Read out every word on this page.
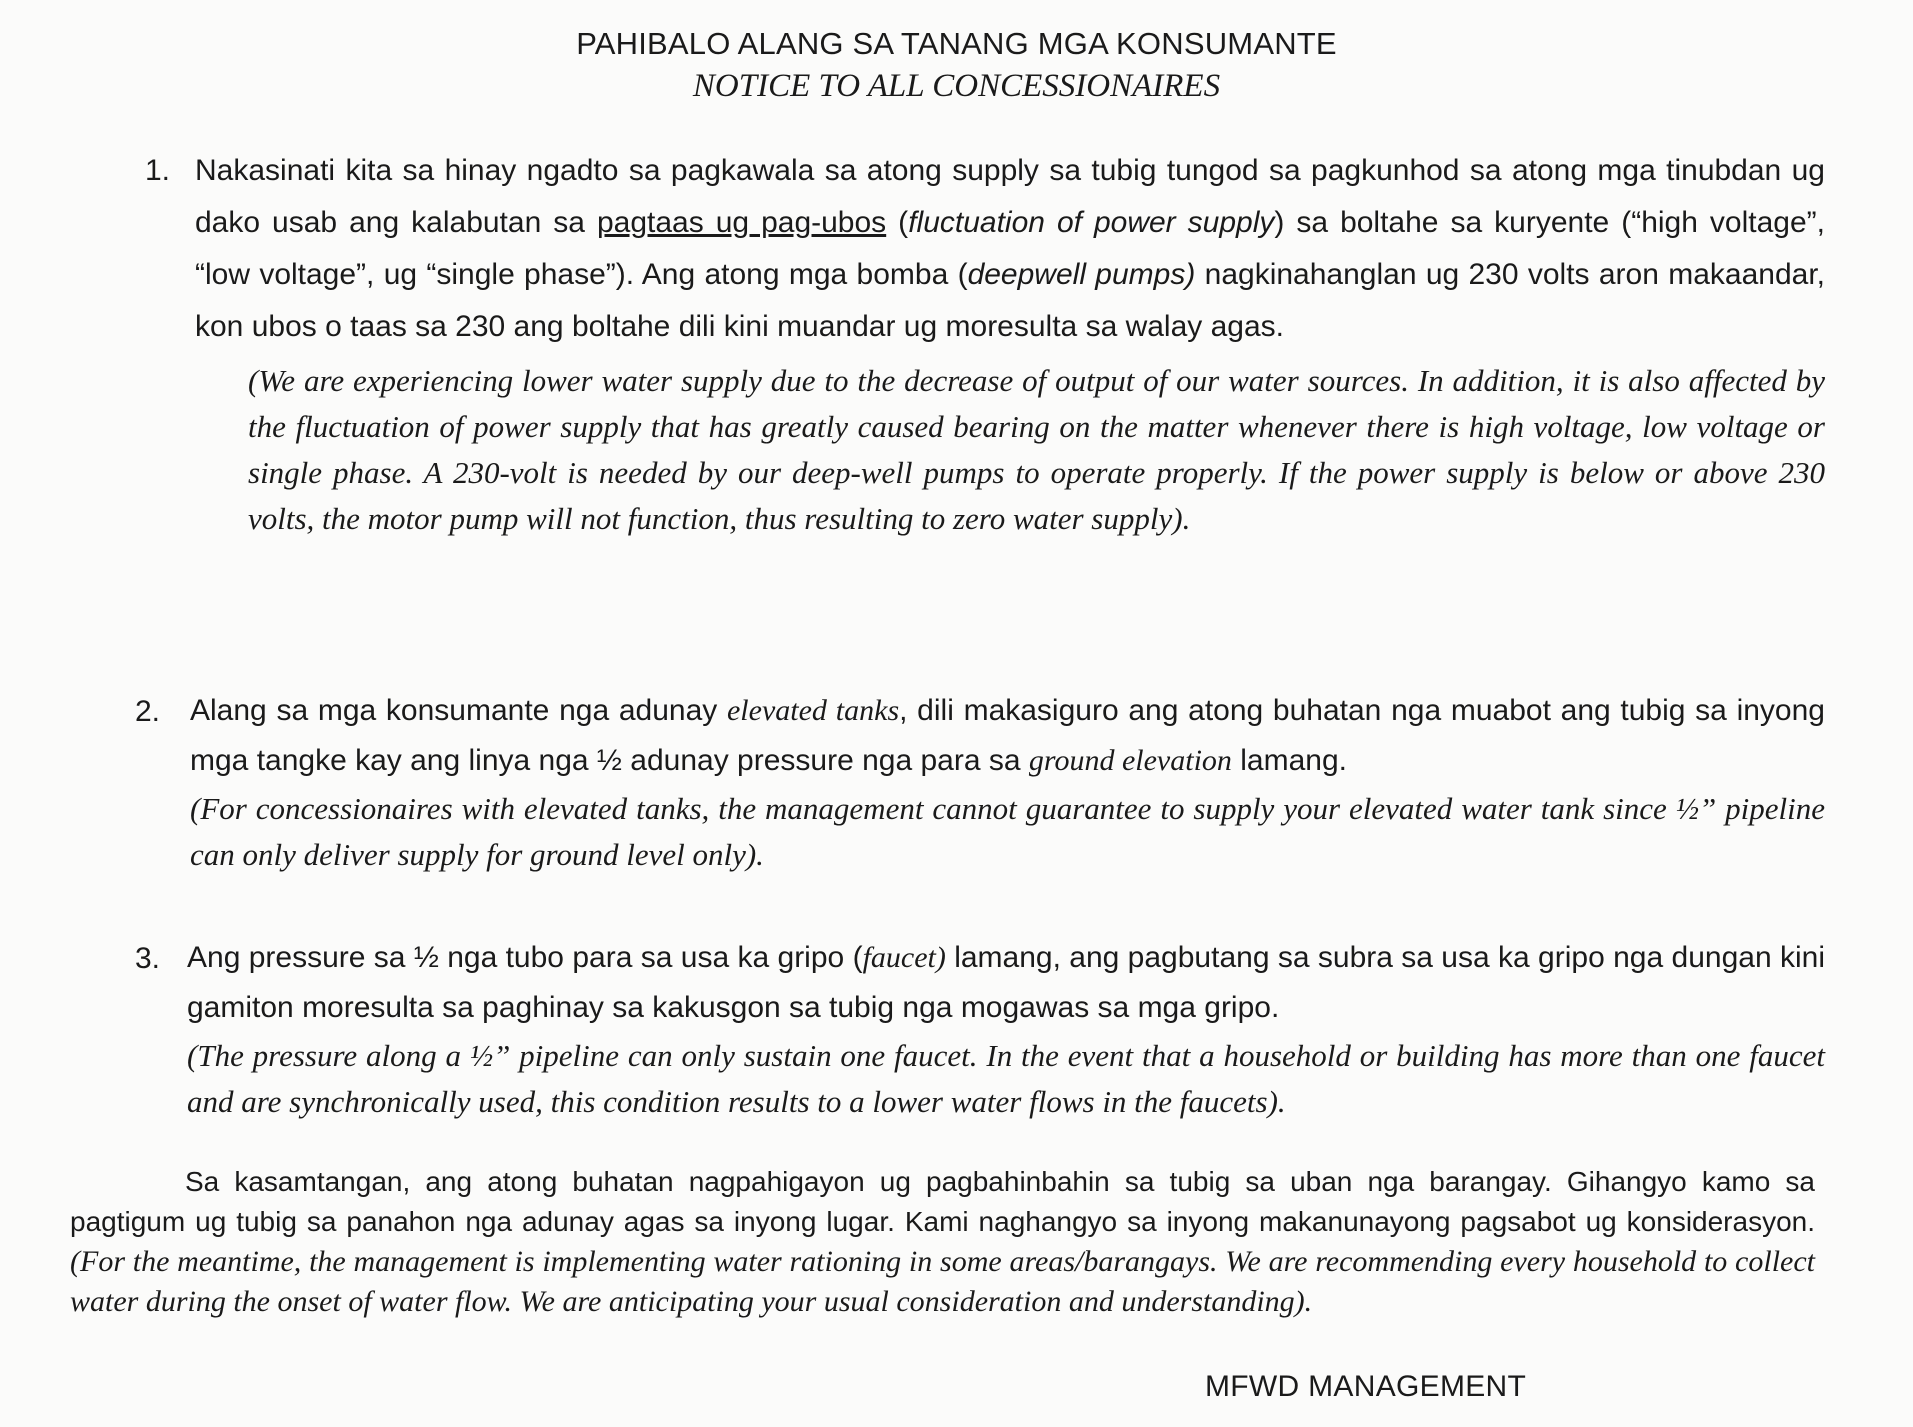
PAHIBALO ALANG SA TANANG MGA KONSUMANTE
NOTICE TO ALL CONCESSIONAIRES
1. Nakasinati kita sa hinay ngadto sa pagkawala sa atong supply sa tubig tungod sa pagkunhod sa atong mga tinubdan ug dako usab ang kalabutan sa pagtaas ug pag-ubos (fluctuation of power supply) sa boltahe sa kuryente (“high voltage”, “low voltage”, ug “single phase”). Ang atong mga bomba (deepwell pumps) nagkinahanglan ug 230 volts aron makaandar, kon ubos o taas sa 230 ang boltahe dili kini muandar ug moresulta sa walay agas.
(We are experiencing lower water supply due to the decrease of output of our water sources. In addition, it is also affected by the fluctuation of power supply that has greatly caused bearing on the matter whenever there is high voltage, low voltage or single phase. A 230-volt is needed by our deep-well pumps to operate properly. If the power supply is below or above 230 volts, the motor pump will not function, thus resulting to zero water supply).
2. Alang sa mga konsumante nga adunay elevated tanks, dili makasiguro ang atong buhatan nga muabot ang tubig sa inyong mga tangke kay ang linya nga ½ adunay pressure nga para sa ground elevation lamang.
(For concessionaires with elevated tanks, the management cannot guarantee to supply your elevated water tank since ½” pipeline can only deliver supply for ground level only).
3. Ang pressure sa ½ nga tubo para sa usa ka gripo (faucet) lamang, ang pagbutang sa subra sa usa ka gripo nga dungan kini gamiton moresulta sa paghinay sa kakusgon sa tubig nga mogawas sa mga gripo.
(The pressure along a ½” pipeline can only sustain one faucet. In the event that a household or building has more than one faucet and are synchronically used, this condition results to a lower water flows in the faucets).
Sa kasamtangan, ang atong buhatan nagpahigayon ug pagbahinbahin sa tubig sa uban nga barangay. Gihangyo kamo sa pagtigum ug tubig sa panahon nga adunay agas sa inyong lugar. Kami naghangyo sa inyong makanunayong pagsabot ug konsiderasyon. (For the meantime, the management is implementing water rationing in some areas/barangays. We are recommending every household to collect water during the onset of water flow. We are anticipating your usual consideration and understanding).
MFWD MANAGEMENT
